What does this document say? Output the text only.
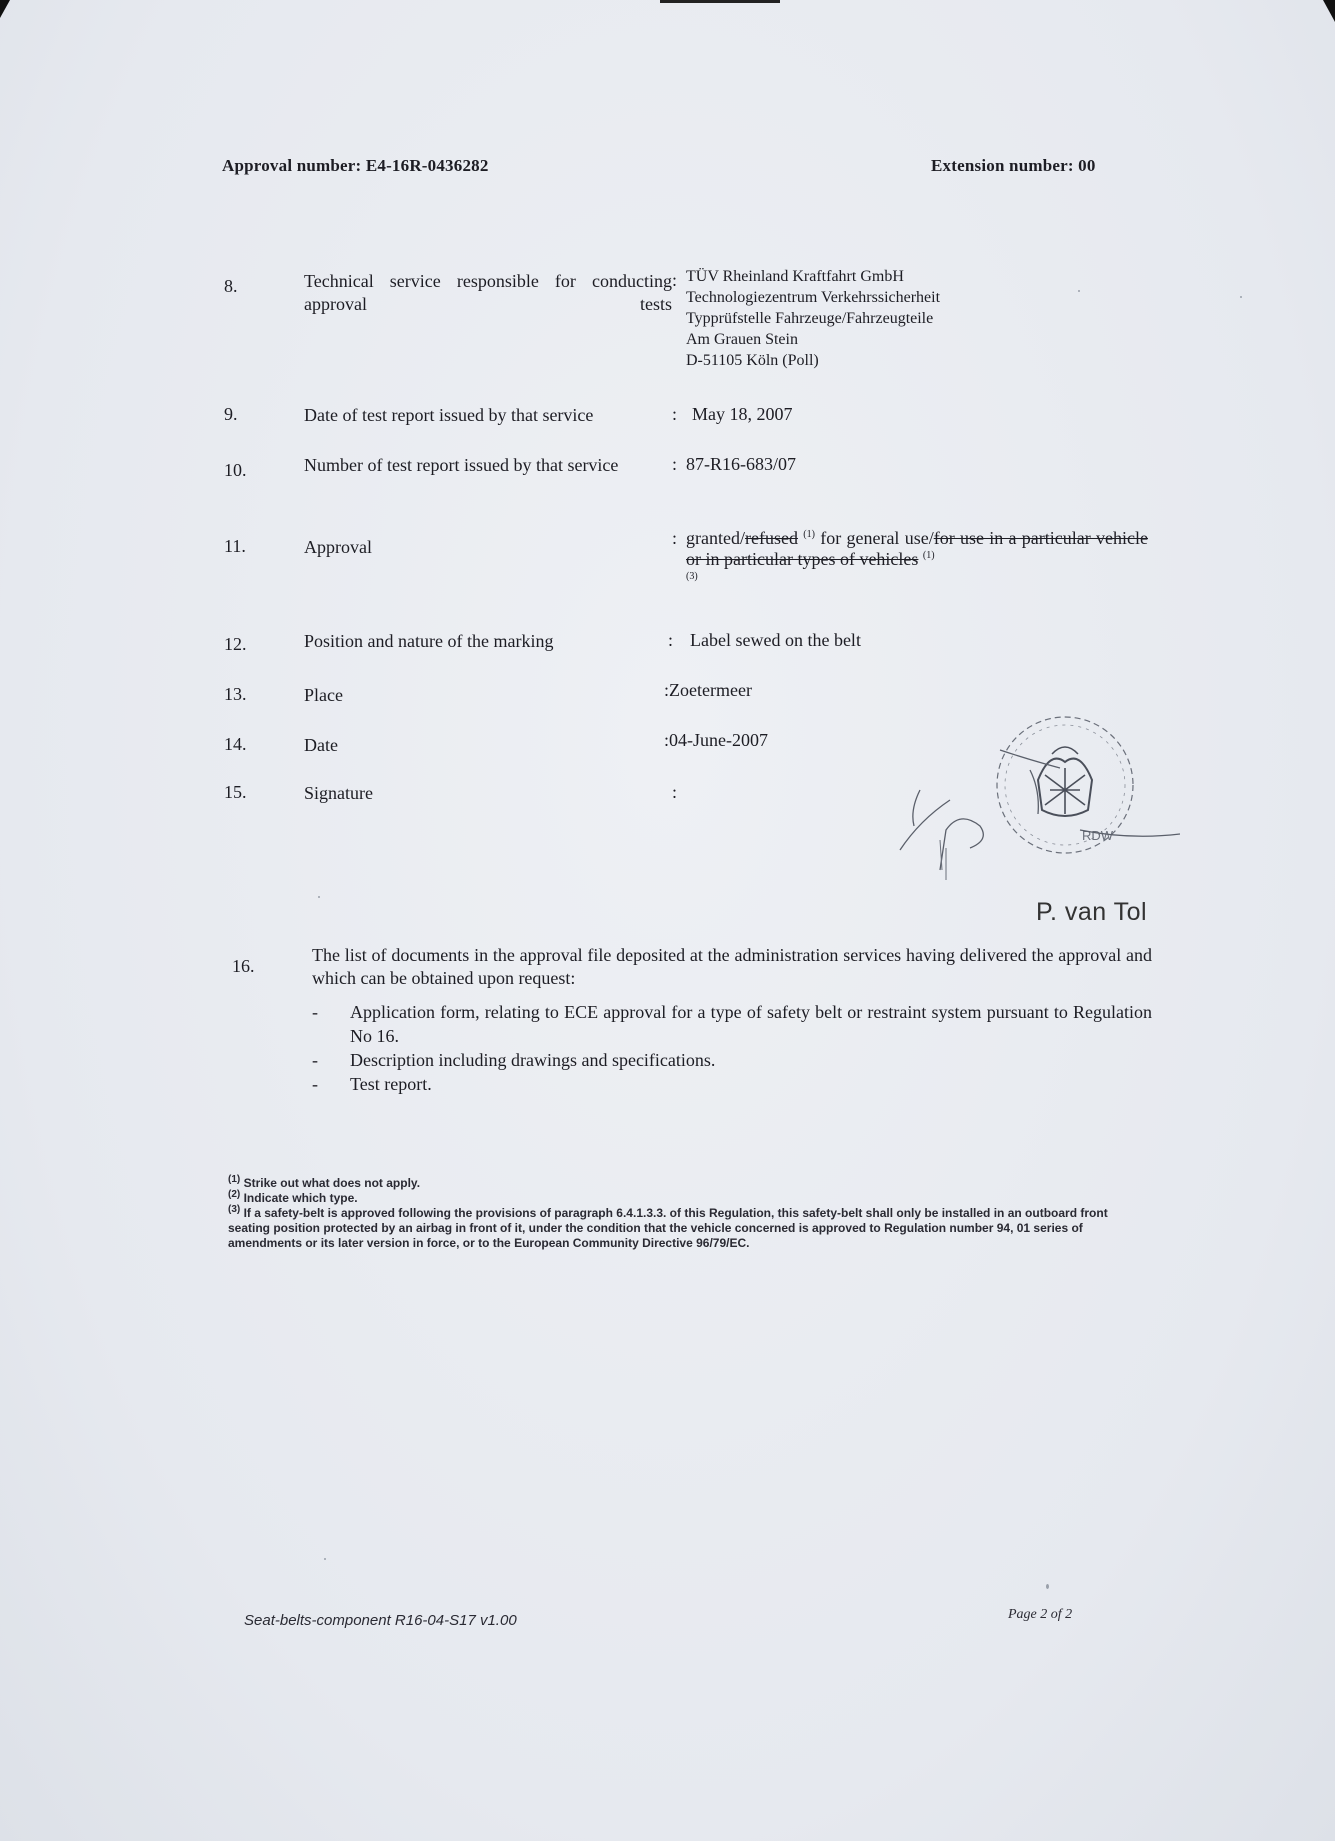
Approval number: E4-16R-0436282	Extension number: 00
8.	Technical service responsible for conducting approval tests
: TÜV Rheinland Kraftfahrt GmbH
Technologiezentrum Verkehrssicherheit
Typprüfstelle Fahrzeuge/Fahrzeugteile
Am Grauen Stein
D-51105 Köln (Poll)
9.	Date of test report issued by that service	: May 18, 2007
10.	Number of test report issued by that service	: 87-R16-683/07
11.	Approval	: granted/refused $^{(1)}$ for general use/for use in a particular vehicle or in particular types of vehicles $^{(1)}$
$^{(3)}$
12.	Position and nature of the marking	: Label sewed on the belt
13.	Place	:Zoetermeer
14.	Date	:04-June-2007
15.	Signature	:
RDW
P. van Tol
16.
The list of documents in the approval file deposited at the administration services having delivered the approval and which can be obtained upon request:
- Application form, relating to ECE approval for a type of safety belt or restraint system pursuant to Regulation No 16.
- Description including drawings and specifications.
- Test report.
$^{(1)}$ Strike out what does not apply.
$^{(2)}$ Indicate which type.
$^{(3)}$ If a safety-belt is approved following the provisions of paragraph 6.4.1.3.3. of this Regulation, this safety-belt shall only be installed in an outboard front seating position protected by an airbag in front of it, under the condition that the vehicle concerned is approved to Regulation number 94, 01 series of amendments or its later version in force, or to the European Community Directive 96/79/EC.
Seat-belts-component R16-04-S17 v1.00	Page 2 of 2
